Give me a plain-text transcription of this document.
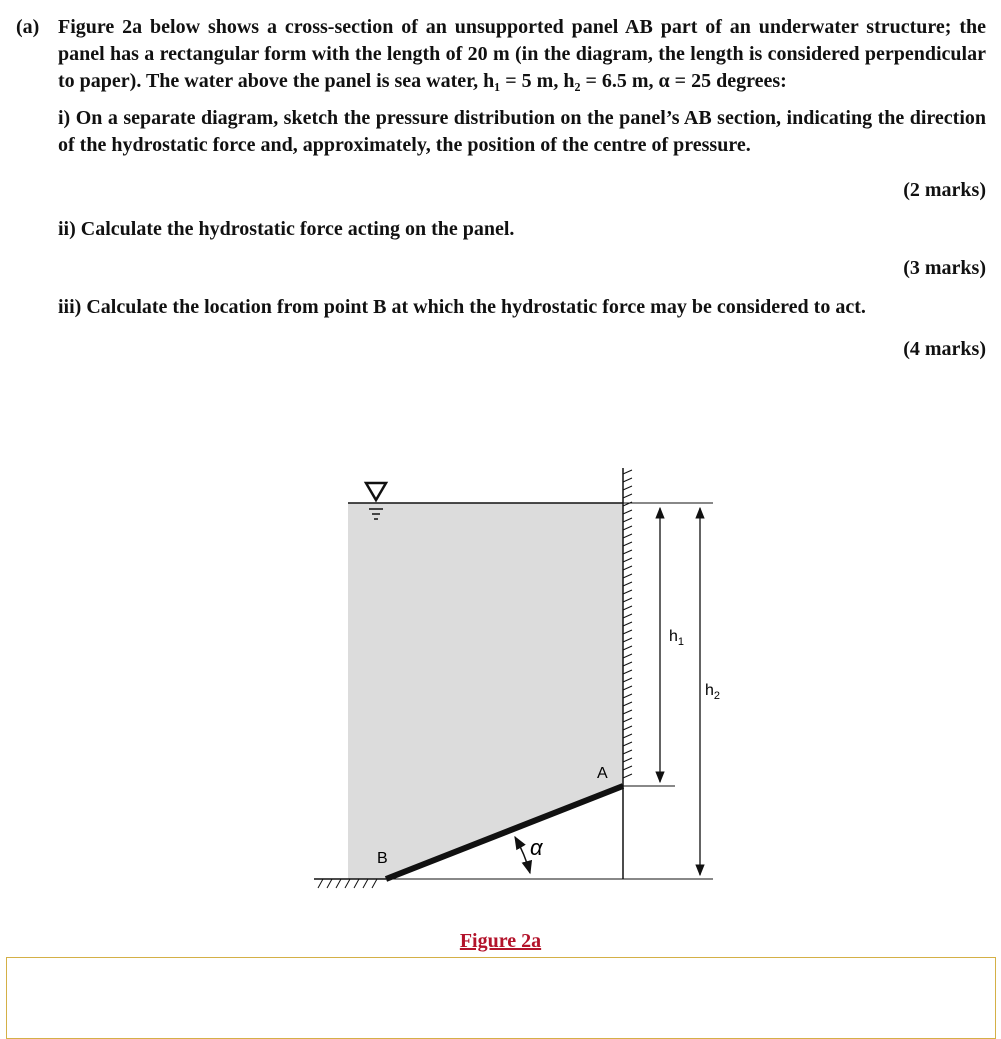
(a) Figure 2a below shows a cross-section of an unsupported panel AB part of an underwater structure; the panel has a rectangular form with the length of 20 m (in the diagram, the length is considered perpendicular to paper). The water above the panel is sea water, h₁ = 5 m, h₂ = 6.5 m, α = 25 degrees:
i) On a separate diagram, sketch the pressure distribution on the panel’s AB section, indicating the direction of the hydrostatic force and, approximately, the position of the centre of pressure.
(2 marks)
ii) Calculate the hydrostatic force acting on the panel.
(3 marks)
iii) Calculate the location from point B at which the hydrostatic force may be considered to act.
(4 marks)
A
B	α
$h_1$
$h_2$
Figure 2a
